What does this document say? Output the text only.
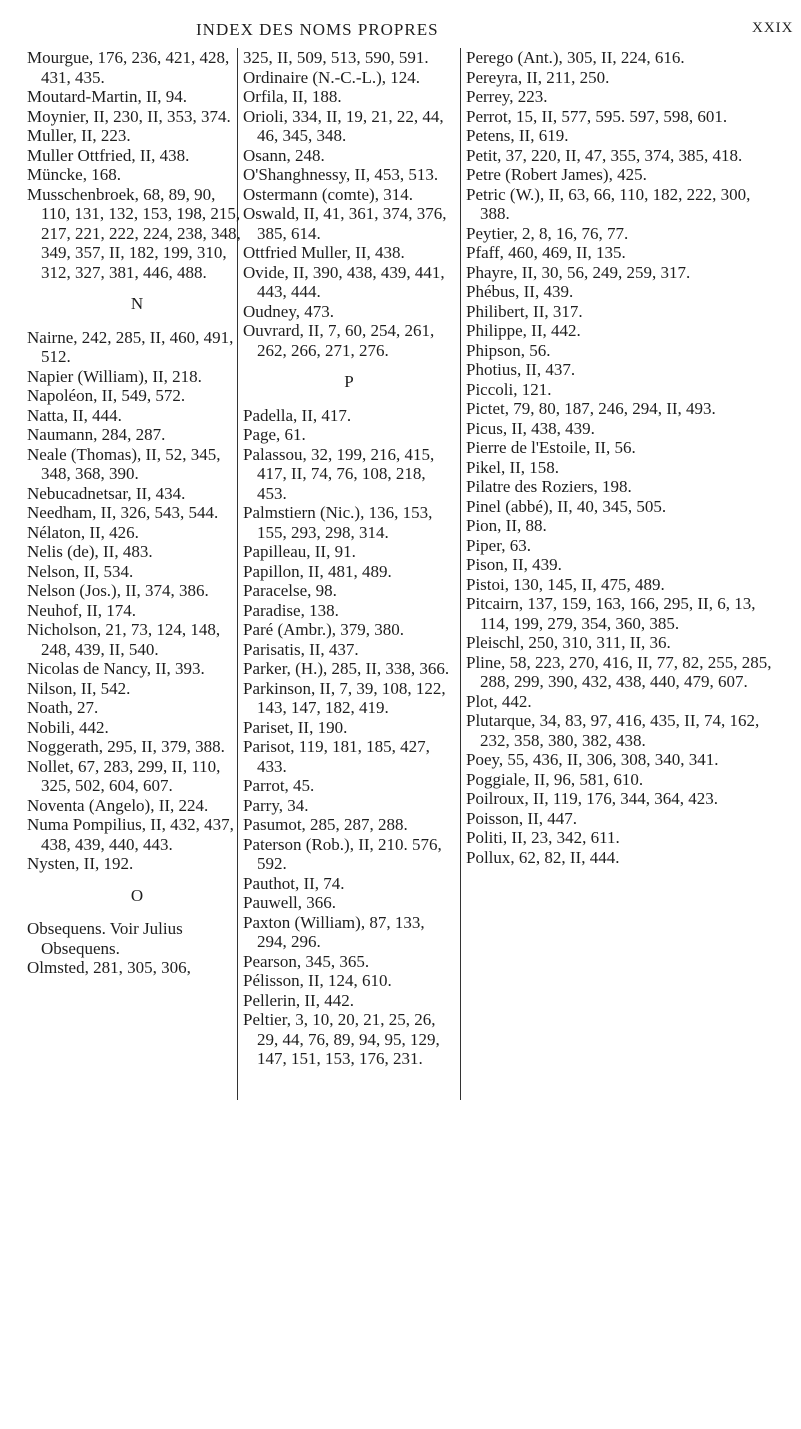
INDEX DES NOMS PROPRES	XXIX

Mourgue, 176, 236, 421, 428, 431, 435.

Moutard-Martin, II, 94.

Moynier, II, 230, II, 353, 374.

Muller, II, 223.

Muller Ottfried, II, 438.

Müncke, 168.

Musschenbroek, 68, 89, 90, 110, 131, 132, 153, 198, 215, 217, 221, 222, 224, 238, 348, 349, 357, II, 182, 199, 310, 312, 327, 381, 446, 488.

N

Nairne, 242, 285, II, 460, 491, 512.

Napier (William), II, 218.

Napoléon, II, 549, 572.

Natta, II, 444.

Naumann, 284, 287.

Neale (Thomas), II, 52, 345, 348, 368, 390.

Nebucadnetsar, II, 434.

Needham, II, 326, 543, 544.

Nélaton, II, 426.

Nelis (de), II, 483.

Nelson, II, 534.

Nelson (Jos.), II, 374, 386.

Neuhof, II, 174.

Nicholson, 21, 73, 124, 148, 248, 439, II, 540.

Nicolas de Nancy, II, 393.

Nilson, II, 542.

Noath, 27.

Nobili, 442.

Noggerath, 295, II, 379, 388.

Nollet, 67, 283, 299, II, 110, 325, 502, 604, 607.

Noventa (Angelo), II, 224.

Numa Pompilius, II, 432, 437, 438, 439, 440, 443.

Nysten, II, 192.

O

Obsequens. Voir Julius Obsequens.

Olmsted, 281, 305, 306,

325, II, 509, 513, 590, 591.

Ordinaire (N.-C.-L.), 124.

Orfila, II, 188.

Orioli, 334, II, 19, 21, 22, 44, 46, 345, 348.

Osann, 248.

O'Shanghnessy, II, 453, 513.

Ostermann (comte), 314.

Oswald, II, 41, 361, 374, 376, 385, 614.

Ottfried Muller, II, 438.

Ovide, II, 390, 438, 439, 441, 443, 444.

Oudney, 473.

Ouvrard, II, 7, 60, 254, 261, 262, 266, 271, 276.

P

Padella, II, 417.

Page, 61.

Palassou, 32, 199, 216, 415, 417, II, 74, 76, 108, 218, 453.

Palmstiern (Nic.), 136, 153, 155, 293, 298, 314.

Papilleau, II, 91.

Papillon, II, 481, 489.

Paracelse, 98.

Paradise, 138.

Paré (Ambr.), 379, 380.

Parisatis, II, 437.

Parker, (H.), 285, II, 338, 366.

Parkinson, II, 7, 39, 108, 122, 143, 147, 182, 419.

Pariset, II, 190.

Parisot, 119, 181, 185, 427, 433.

Parrot, 45.

Parry, 34.

Pasumot, 285, 287, 288.

Paterson (Rob.), II, 210. 576, 592.

Pauthot, II, 74.

Pauwell, 366.

Paxton (William), 87, 133, 294, 296.

Pearson, 345, 365.

Pélisson, II, 124, 610.

Pellerin, II, 442.

Peltier, 3, 10, 20, 21, 25, 26, 29, 44, 76, 89, 94, 95, 129, 147, 151, 153, 176, 231.

Perego (Ant.), 305, II, 224, 616.

Pereyra, II, 211, 250.

Perrey, 223.

Perrot, 15, II, 577, 595. 597, 598, 601.

Petens, II, 619.

Petit, 37, 220, II, 47, 355, 374, 385, 418.

Petre (Robert James), 425.

Petric (W.), II, 63, 66, 110, 182, 222, 300, 388.

Peytier, 2, 8, 16, 76, 77.

Pfaff, 460, 469, II, 135.

Phayre, II, 30, 56, 249, 259, 317.

Phébus, II, 439.

Philibert, II, 317.

Philippe, II, 442.

Phipson, 56.

Photius, II, 437.

Piccoli, 121.

Pictet, 79, 80, 187, 246, 294, II, 493.

Picus, II, 438, 439.

Pierre de l'Estoile, II, 56.

Pikel, II, 158.

Pilatre des Roziers, 198.

Pinel (abbé), II, 40, 345, 505.

Pion, II, 88.

Piper, 63.

Pison, II, 439.

Pistoi, 130, 145, II, 475, 489.

Pitcairn, 137, 159, 163, 166, 295, II, 6, 13, 114, 199, 279, 354, 360, 385.

Pleischl, 250, 310, 311, II, 36.

Pline, 58, 223, 270, 416, II, 77, 82, 255, 285, 288, 299, 390, 432, 438, 440, 479, 607.

Plot, 442.

Plutarque, 34, 83, 97, 416, 435, II, 74, 162, 232, 358, 380, 382, 438.

Poey, 55, 436, II, 306, 308, 340, 341.

Poggiale, II, 96, 581, 610.

Poilroux, II, 119, 176, 344, 364, 423.

Poisson, II, 447.

Politi, II, 23, 342, 611.

Pollux, 62, 82, II, 444.
